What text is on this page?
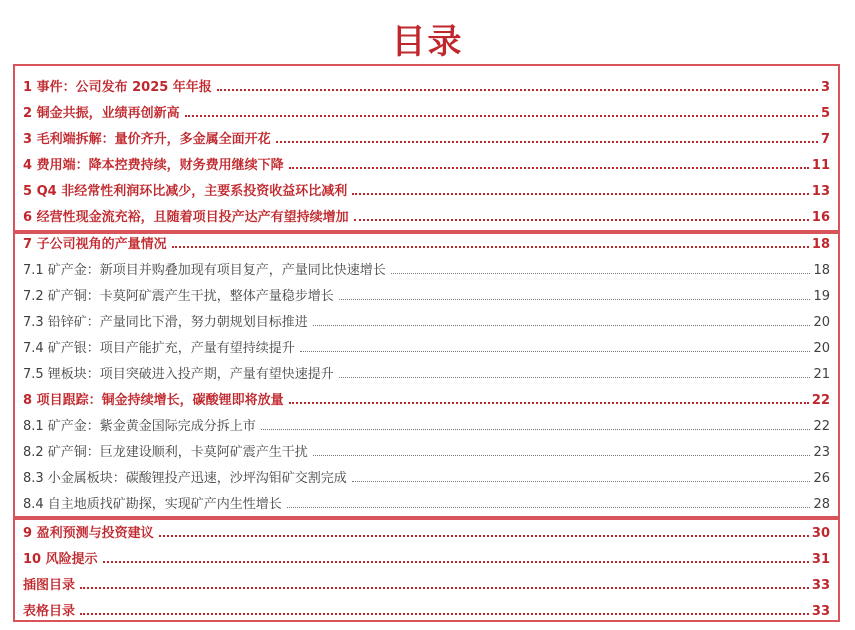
目录
1 事件：公司发布 2025 年年报	3
2 铜金共振，业绩再创新高	5
3 毛利端拆解：量价齐升，多金属全面开花	7
4 费用端：降本控费持续，财务费用继续下降	11
5 Q4 非经常性利润环比减少，主要系投资收益环比减利	13
6 经营性现金流充裕，且随着项目投产达产有望持续增加	16
7 子公司视角的产量情况	18
7.1 矿产金：新项目并购叠加现有项目复产，产量同比快速增长	18
7.2 矿产铜：卡莫阿矿震产生干扰，整体产量稳步增长	19
7.3 铅锌矿：产量同比下滑，努力朝规划目标推进	20
7.4 矿产银：项目产能扩充，产量有望持续提升	20
7.5 锂板块：项目突破进入投产期，产量有望快速提升	21
8 项目跟踪：铜金持续增长，碳酸锂即将放量	22
8.1 矿产金：紫金黄金国际完成分拆上市	22
8.2 矿产铜：巨龙建设顺利，卡莫阿矿震产生干扰	23
8.3 小金属板块：碳酸锂投产迅速，沙坪沟钼矿交割完成	26
8.4 自主地质找矿勘探，实现矿产内生性增长	28
9 盈利预测与投资建议	30
10 风险提示	31
插图目录	33
表格目录	33
